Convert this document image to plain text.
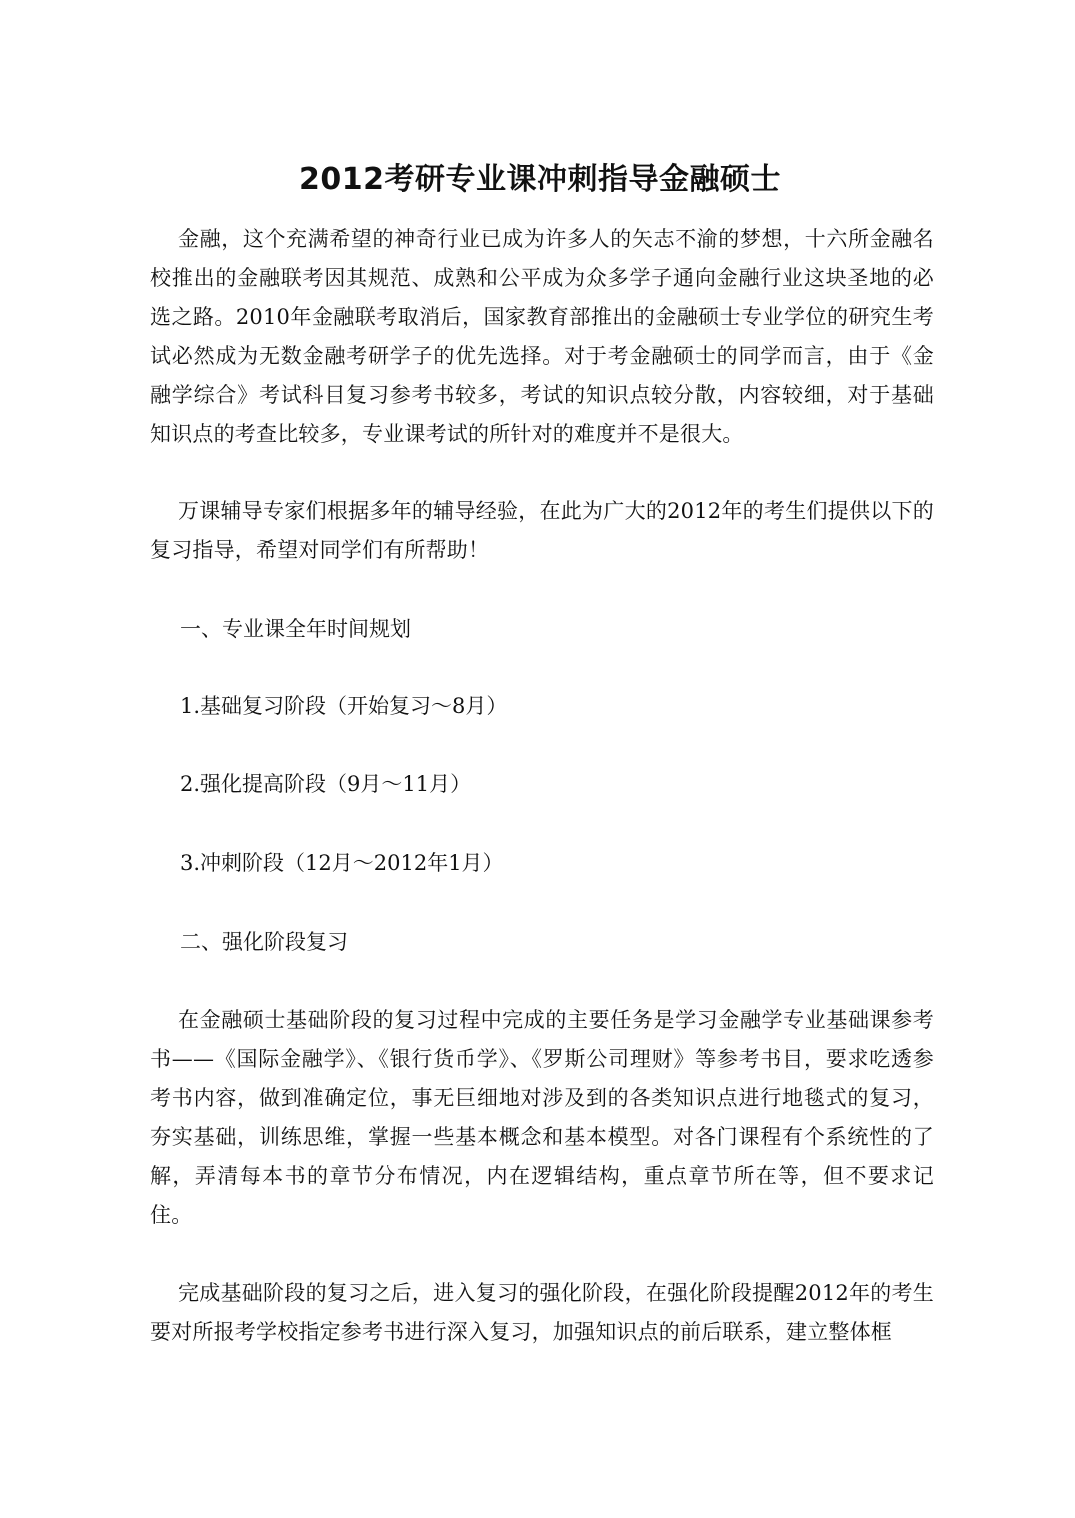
2012考研专业课冲刺指导金融硕士

金融，这个充满希望的神奇行业已成为许多人的矢志不渝的梦想，十六所金融名校推出的金融联考因其规范、成熟和公平成为众多学子通向金融行业这块圣地的必选之路。2010年金融联考取消后，国家教育部推出的金融硕士专业学位的研究生考试必然成为无数金融考研学子的优先选择。对于考金融硕士的同学而言，由于《金融学综合》考试科目复习参考书较多，考试的知识点较分散，内容较细，对于基础知识点的考查比较多，专业课考试的所针对的难度并不是很大。

万课辅导专家们根据多年的辅导经验，在此为广大的2012年的考生们提供以下的复习指导，希望对同学们有所帮助！

一、专业课全年时间规划

1.基础复习阶段（开始复习～8月）

2.强化提高阶段（9月～11月）

3.冲刺阶段（12月～2012年1月）

二、强化阶段复习

在金融硕士基础阶段的复习过程中完成的主要任务是学习金融学专业基础课参考书——《国际金融学》、《银行货币学》、《罗斯公司理财》等参考书目，要求吃透参考书内容，做到准确定位，事无巨细地对涉及到的各类知识点进行地毯式的复习，夯实基础，训练思维，掌握一些基本概念和基本模型。对各门课程有个系统性的了解，弄清每本书的章节分布情况，内在逻辑结构，重点章节所在等，但不要求记住。

完成基础阶段的复习之后，进入复习的强化阶段，在强化阶段提醒2012年的考生要对所报考学校指定参考书进行深入复习，加强知识点的前后联系，建立整体框
